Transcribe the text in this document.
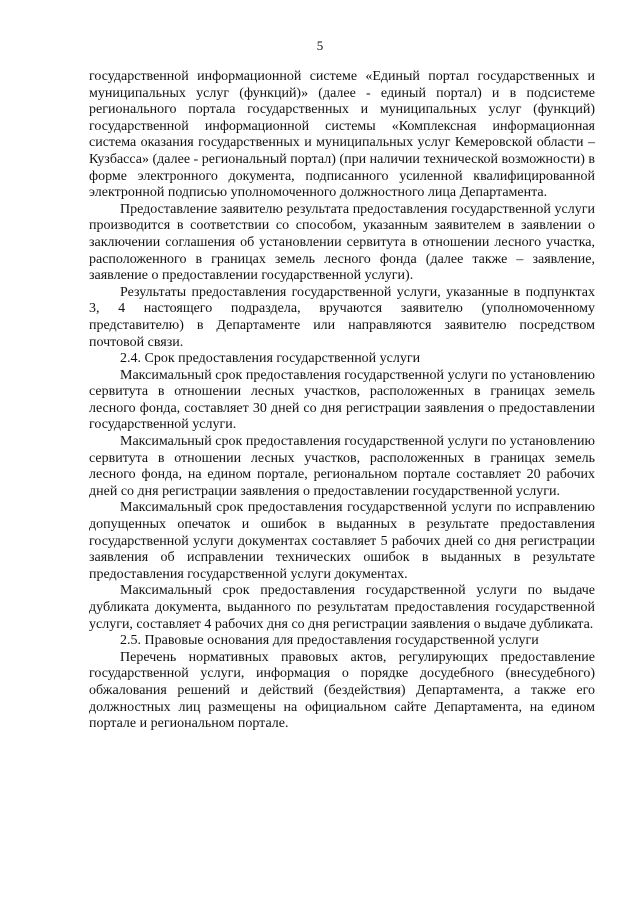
5

государственной информационной системе «Единый портал государственных и муниципальных услуг (функций)» (далее - единый портал) и в подсистеме регионального портала государственных и муниципальных услуг (функций) государственной информационной системы «Комплексная информационная система оказания государственных и муниципальных услуг Кемеровской области – Кузбасса» (далее - региональный портал) (при наличии технической возможности) в форме электронного документа, подписанного усиленной квалифицированной электронной подписью уполномоченного должностного лица Департамента.

Предоставление заявителю результата предоставления государственной услуги производится в соответствии со способом, указанным заявителем в заявлении о заключении соглашения об установлении сервитута в отношении лесного участка, расположенного в границах земель лесного фонда (далее также – заявление, заявление о предоставлении государственной услуги).

Результаты предоставления государственной услуги, указанные в подпунктах 3, 4 настоящего подраздела, вручаются заявителю (уполномоченному представителю) в Департаменте или направляются заявителю посредством почтовой связи.

2.4. Срок предоставления государственной услуги

Максимальный срок предоставления государственной услуги по установлению сервитута в отношении лесных участков, расположенных в границах земель лесного фонда, составляет 30 дней со дня регистрации заявления о предоставлении государственной услуги.

Максимальный срок предоставления государственной услуги по установлению сервитута в отношении лесных участков, расположенных в границах земель лесного фонда, на едином портале, региональном портале составляет 20 рабочих дней со дня регистрации заявления о предоставлении государственной услуги.

Максимальный срок предоставления государственной услуги по исправлению допущенных опечаток и ошибок в выданных в результате предоставления государственной услуги документах составляет 5 рабочих дней со дня регистрации заявления об исправлении технических ошибок в выданных в результате предоставления государственной услуги документах.

Максимальный срок предоставления государственной услуги по выдаче дубликата документа, выданного по результатам предоставления государственной услуги, составляет 4 рабочих дня со дня регистрации заявления о выдаче дубликата.

2.5. Правовые основания для предоставления государственной услуги

Перечень нормативных правовых актов, регулирующих предоставление государственной услуги, информация о порядке досудебного (внесудебного) обжалования решений и действий (бездействия) Департамента, а также его должностных лиц размещены на официальном сайте Департамента, на едином портале и региональном портале.
